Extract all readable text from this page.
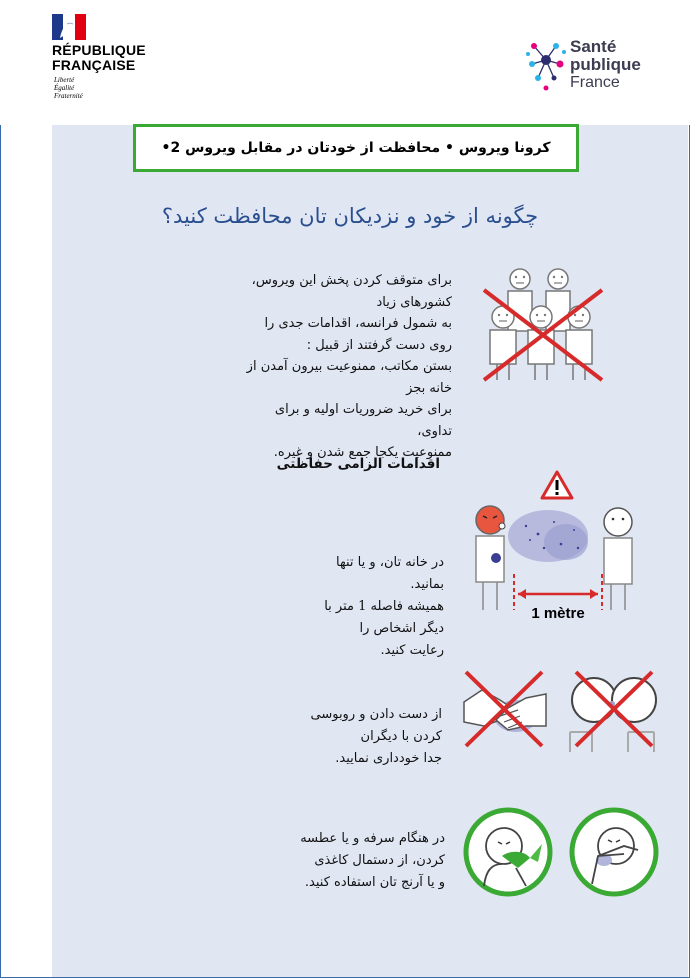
RÉPUBLIQUE
FRANÇAISE
Liberté
Égalité
Fraternité
Santé
publique
France
کرونا ویروس • محافظت از خودتان در مقابل ویروس 2•
چگونه از خود و نزدیکان تان محافظت کنید؟
برای متوقف کردن پخش این ویروس، کشورهای زیاد
به شمول فرانسه، اقدامات جدی را روی دست گرفتند از قبیل :
بستن مکاتب، ممنوعیت بیرون آمدن از خانه بجز
برای خرید ضروریات اولیه و برای تداوی،
ممنوعیت یکجا جمع شدن و غیره.
اقدامات الزامی حفاظتی
1 mètre
در خانه تان، و یا تنها بمانید.
همیشه فاصله 1 متر با دیگر اشخاص را
رعایت کنید.
از دست دادن و روبوسی کردن با دیگران
جدا خودداری نمایید.
در هنگام سرفه و یا عطسه کردن، از دستمال کاغذی
و یا آرنج تان استفاده کنید.
